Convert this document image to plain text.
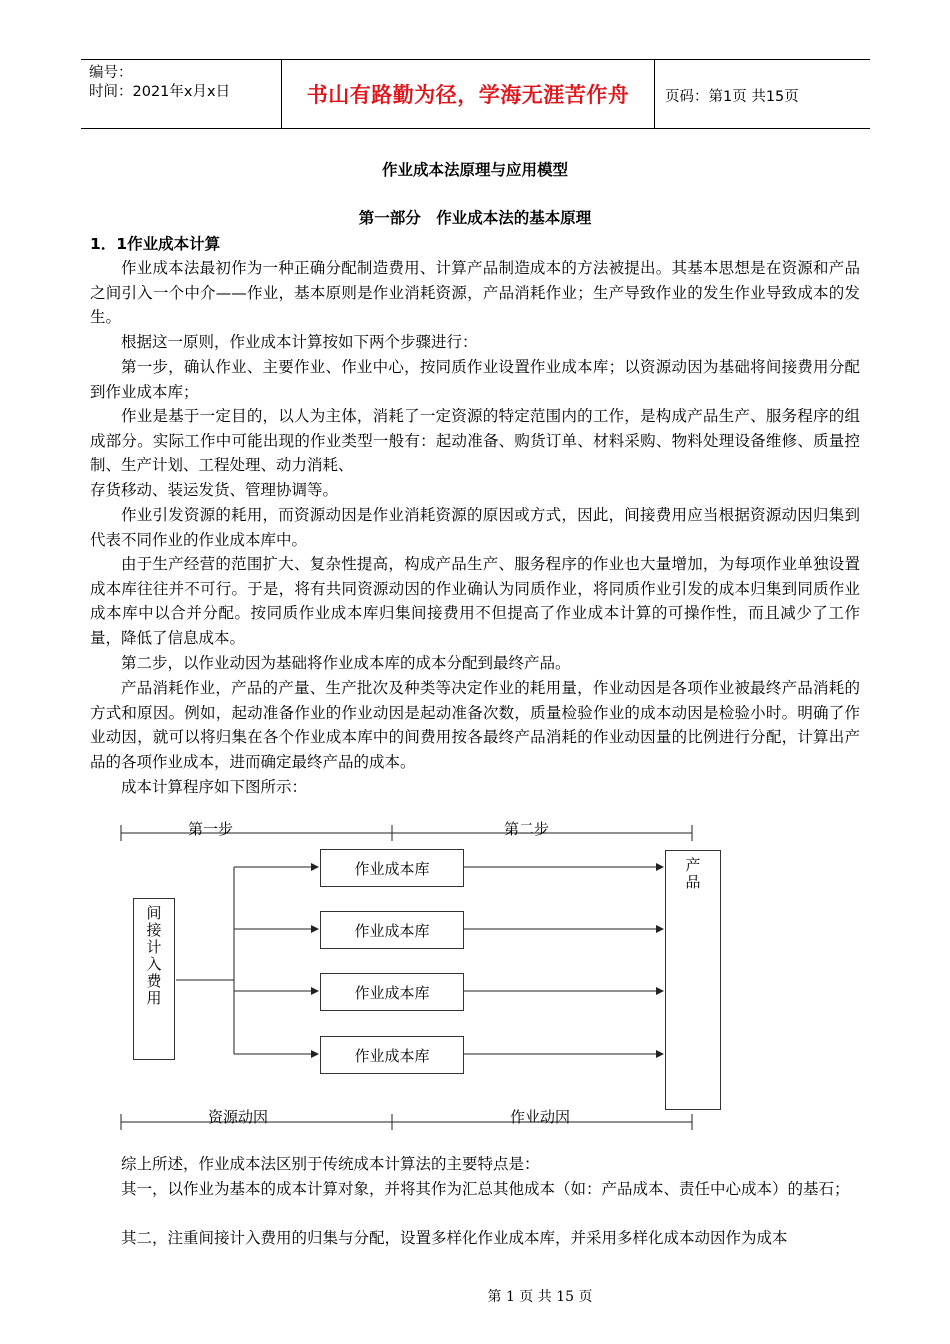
编号：
时间：2021年x月x日	书山有路勤为径，学海无涯苦作舟	页码：第1页 共15页
作业成本法原理与应用模型
第一部分　作业成本法的基本原理
1．1作业成本计算

作业成本法最初作为一种正确分配制造费用、计算产品制造成本的方法被提出。其基本思想是在资源和产品之间引入一个中介——作业，基本原则是作业消耗资源，产品消耗作业；生产导致作业的发生作业导致成本的发生。

根据这一原则，作业成本计算按如下两个步骤进行：

第一步，确认作业、主要作业、作业中心，按同质作业设置作业成本库；以资源动因为基础将间接费用分配到作业成本库；

作业是基于一定目的，以人为主体，消耗了一定资源的特定范围内的工作，是构成产品生产、服务程序的组成部分。实际工作中可能出现的作业类型一般有：起动准备、购货订单、材料采购、物料处理设备维修、质量控制、生产计划、工程处理、动力消耗、

存货移动、装运发货、管理协调等。

作业引发资源的耗用，而资源动因是作业消耗资源的原因或方式，因此，间接费用应当根据资源动因归集到代表不同作业的作业成本库中。

由于生产经营的范围扩大、复杂性提高，构成产品生产、服务程序的作业也大量增加，为每项作业单独设置成本库往往并不可行。于是，将有共同资源动因的作业确认为同质作业，将同质作业引发的成本归集到同质作业成本库中以合并分配。按同质作业成本库归集间接费用不但提高了作业成本计算的可操作性，而且减少了工作量，降低了信息成本。

第二步，以作业动因为基础将作业成本库的成本分配到最终产品。

产品消耗作业，产品的产量、生产批次及种类等决定作业的耗用量，作业动因是各项作业被最终产品消耗的方式和原因。例如，起动准备作业的作业动因是起动准备次数，质量检验作业的成本动因是检验小时。明确了作业动因，就可以将归集在各个作业成本库中的间费用按各最终产品消耗的作业动因量的比例进行分配，计算出产品的各项作业成本，进而确定最终产品的成本。

成本计算程序如下图所示：

第一步	第二步
间接计入费用
作业成本库
作业成本库
作业成本库
作业成本库
产品
资源动因	作业动因

综上所述，作业成本法区别于传统成本计算法的主要特点是：

其一，以作业为基本的成本计算对象，并将其作为汇总其他成本（如：产品成本、责任中心成本）的基石；

其二，注重间接计入费用的归集与分配，设置多样化作业成本库，并采用多样化成本动因作为成本

第 1 页 共 15 页
